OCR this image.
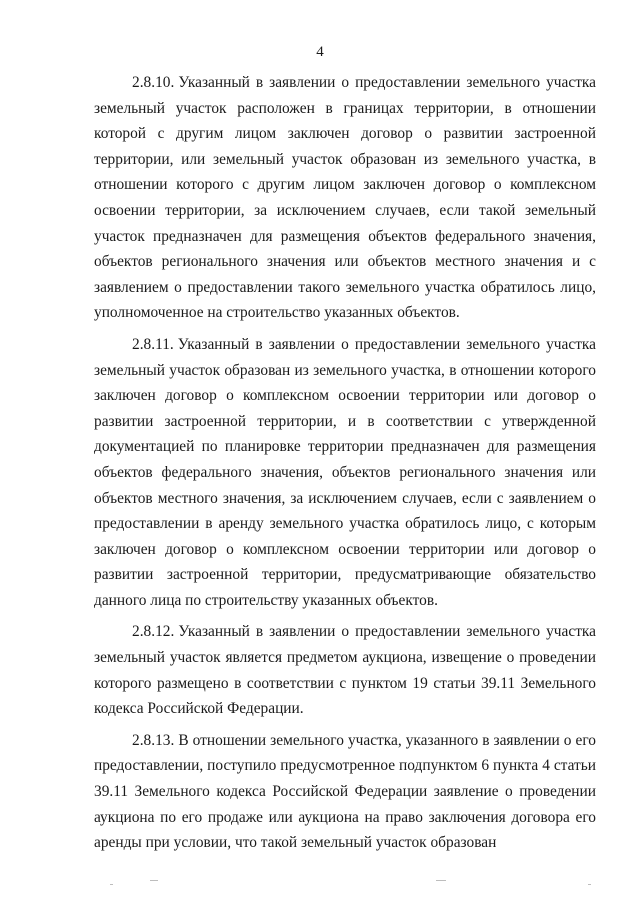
4

2.8.10. Указанный в заявлении о предоставлении земельного участка земельный участок расположен в границах территории, в отношении которой с другим лицом заключен договор о развитии застроенной территории, или земельный участок образован из земельного участка, в отношении которого с другим лицом заключен договор о комплексном освоении территории, за исключением случаев, если такой земельный участок предназначен для размещения объектов федерального значения, объектов регионального значения или объектов местного значения и с заявлением о предоставлении такого земельного участка обратилось лицо, уполномоченное на строительство указанных объектов.

2.8.11. Указанный в заявлении о предоставлении земельного участка земельный участок образован из земельного участка, в отношении которого заключен договор о комплексном освоении территории или договор о развитии застроенной территории, и в соответствии с утвержденной документацией по планировке территории предназначен для размещения объектов федерального значения, объектов регионального значения или объектов местного значения, за исключением случаев, если с заявлением о предоставлении в аренду земельного участка обратилось лицо, с которым заключен договор о комплексном освоении территории или договор о развитии застроенной территории, предусматривающие обязательство данного лица по строительству указанных объектов.

2.8.12. Указанный в заявлении о предоставлении земельного участка земельный участок является предметом аукциона, извещение о проведении которого размещено в соответствии с пунктом 19 статьи 39.11 Земельного кодекса Российской Федерации.

2.8.13. В отношении земельного участка, указанного в заявлении о его предоставлении, поступило предусмотренное подпунктом 6 пункта 4 статьи 39.11 Земельного кодекса Российской Федерации заявление о проведении аукциона по его продаже или аукциона на право заключения договора его аренды при условии, что такой земельный участок образован
